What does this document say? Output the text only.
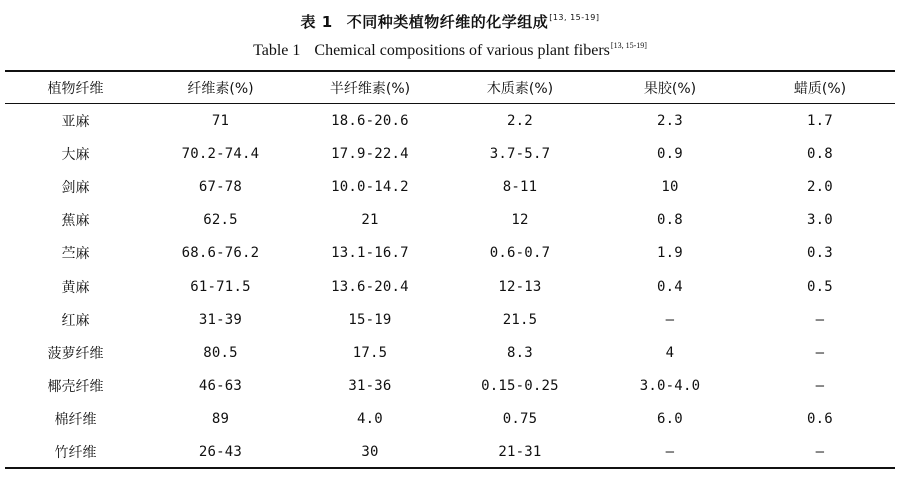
表 1 不同种类植物纤维的化学组成[13, 15-19]
Table 1 Chemical compositions of various plant fibers[13, 15-19]
植物纤维	纤维素(%)	半纤维素(%)	木质素(%)	果胶(%)	蜡质(%)
亚麻	71	18.6-20.6	2.2	2.3	1.7
大麻	70.2-74.4	17.9-22.4	3.7-5.7	0.9	0.8
剑麻	67-78	10.0-14.2	8-11	10	2.0
蕉麻	62.5	21	12	0.8	3.0
苎麻	68.6-76.2	13.1-16.7	0.6-0.7	1.9	0.3
黄麻	61-71.5	13.6-20.4	12-13	0.4	0.5
红麻	31-39	15-19	21.5	—	—
菠萝纤维	80.5	17.5	8.3	4	—
椰壳纤维	46-63	31-36	0.15-0.25	3.0-4.0	—
棉纤维	89	4.0	0.75	6.0	0.6
竹纤维	26-43	30	21-31	—	—
